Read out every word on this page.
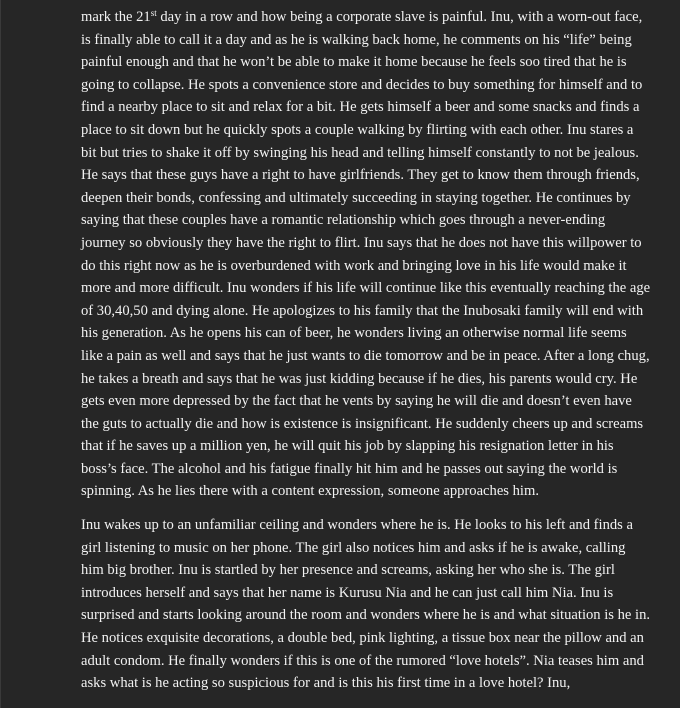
mark the 21st day in a row and how being a corporate slave is painful. Inu, with a worn-out face,
is finally able to call it a day and as he is walking back home, he comments on his “life” being
painful enough and that he won’t be able to make it home because he feels soo tired that he is
going to collapse. He spots a convenience store and decides to buy something for himself and to
find a nearby place to sit and relax for a bit. He gets himself a beer and some snacks and finds a
place to sit down but he quickly spots a couple walking by flirting with each other. Inu stares a
bit but tries to shake it off by swinging his head and telling himself constantly to not be jealous.
He says that these guys have a right to have girlfriends. They get to know them through friends,
deepen their bonds, confessing and ultimately succeeding in staying together. He continues by
saying that these couples have a romantic relationship which goes through a never-ending
journey so obviously they have the right to flirt. Inu says that he does not have this willpower to
do this right now as he is overburdened with work and bringing love in his life would make it
more and more difficult. Inu wonders if his life will continue like this eventually reaching the age
of 30,40,50 and dying alone. He apologizes to his family that the Inubosaki family will end with
his generation. As he opens his can of beer, he wonders living an otherwise normal life seems
like a pain as well and says that he just wants to die tomorrow and be in peace. After a long chug,
he takes a breath and says that he was just kidding because if he dies, his parents would cry. He
gets even more depressed by the fact that he vents by saying he will die and doesn’t even have
the guts to actually die and how is existence is insignificant. He suddenly cheers up and screams
that if he saves up a million yen, he will quit his job by slapping his resignation letter in his
boss’s face. The alcohol and his fatigue finally hit him and he passes out saying the world is
spinning. As he lies there with a content expression, someone approaches him.

Inu wakes up to an unfamiliar ceiling and wonders where he is. He looks to his left and finds a
girl listening to music on her phone. The girl also notices him and asks if he is awake, calling
him big brother. Inu is startled by her presence and screams, asking her who she is. The girl
introduces herself and says that her name is Kurusu Nia and he can just call him Nia. Inu is
surprised and starts looking around the room and wonders where he is and what situation is he in.
He notices exquisite decorations, a double bed, pink lighting, a tissue box near the pillow and an
adult condom. He finally wonders if this is one of the rumored “love hotels”. Nia teases him and
asks what is he acting so suspicious for and is this his first time in a love hotel? Inu,
